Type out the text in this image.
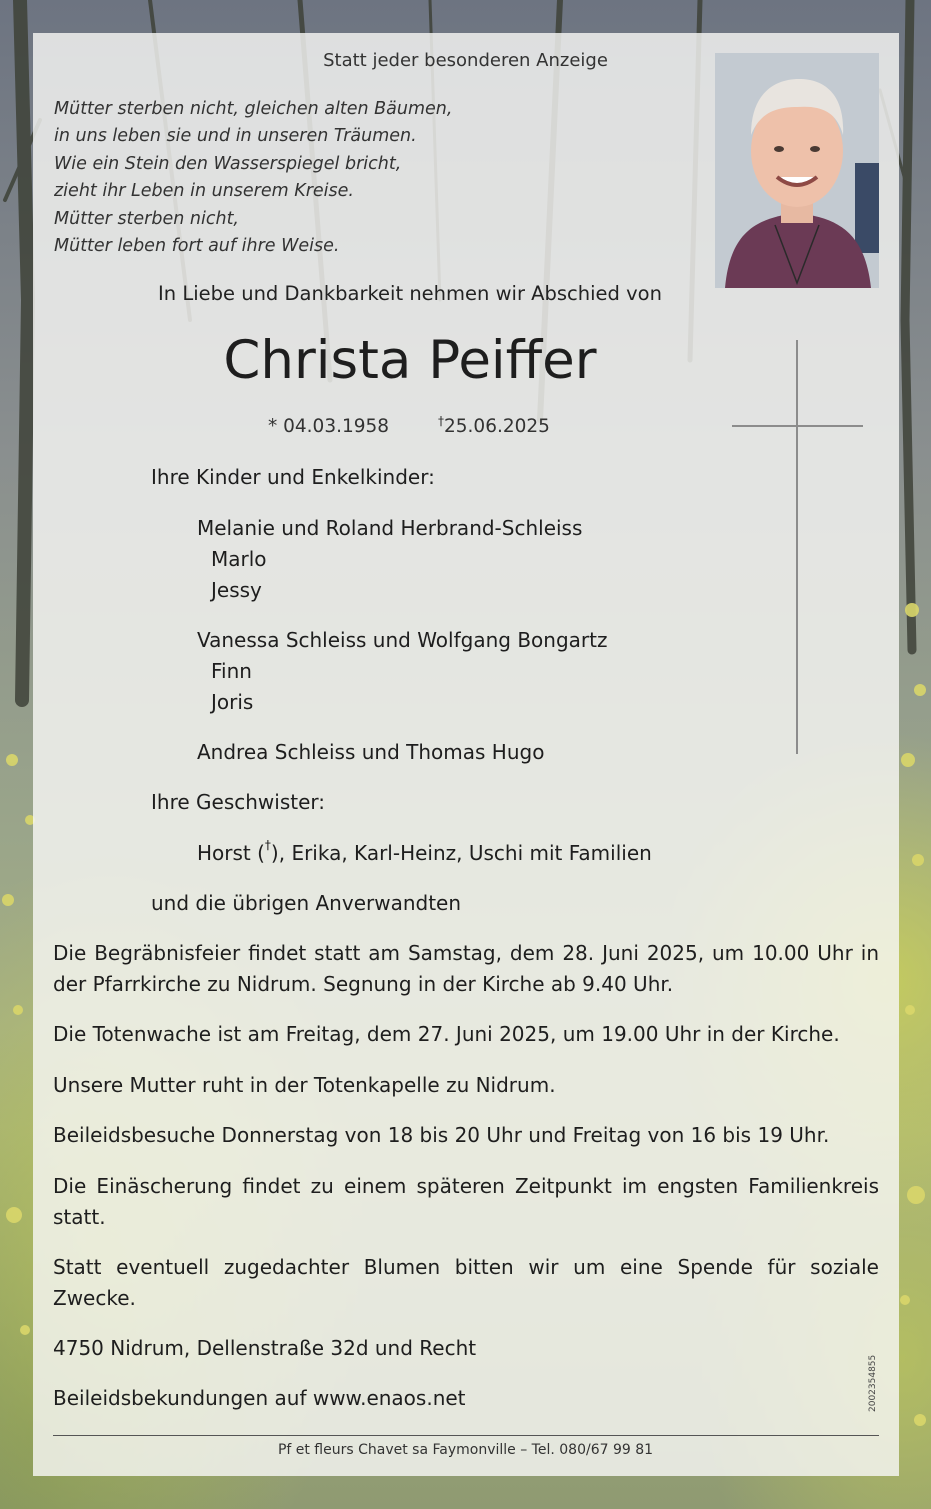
Statt jeder besonderen Anzeige
Mütter sterben nicht, gleichen alten Bäumen,
in uns leben sie und in unseren Träumen.
Wie ein Stein den Wasserspiegel bricht,
zieht ihr Leben in unserem Kreise.
Mütter sterben nicht,
Mütter leben fort auf ihre Weise.
In Liebe und Dankbarkeit nehmen wir Abschied von
Christa Peiffer
* 04.03.1958	†25.06.2025
Ihre Kinder und Enkelkinder:
Melanie und Roland Herbrand-Schleiss
Marlo
Jessy
Vanessa Schleiss und Wolfgang Bongartz
Finn
Joris
Andrea Schleiss und Thomas Hugo
Ihre Geschwister:
Horst (†), Erika, Karl-Heinz, Uschi mit Familien
und die übrigen Anverwandten
Die Begräbnisfeier findet statt am Samstag, dem 28. Juni 2025, um 10.00 Uhr in der Pfarrkirche zu Nidrum. Segnung in der Kirche ab 9.40 Uhr.
Die Totenwache ist am Freitag, dem 27. Juni 2025, um 19.00 Uhr in der Kirche.
Unsere Mutter ruht in der Totenkapelle zu Nidrum.
Beileidsbesuche Donnerstag von 18 bis 20 Uhr und Freitag von 16 bis 19 Uhr.
Die Einäscherung findet zu einem späteren Zeitpunkt im engsten Familienkreis statt.
Statt eventuell zugedachter Blumen bitten wir um eine Spende für soziale Zwecke.
4750 Nidrum, Dellenstraße 32d und Recht
Beileidsbekundungen auf www.enaos.net
Pf et fleurs Chavet sa Faymonville – Tel. 080/67 99 81
2002354855
